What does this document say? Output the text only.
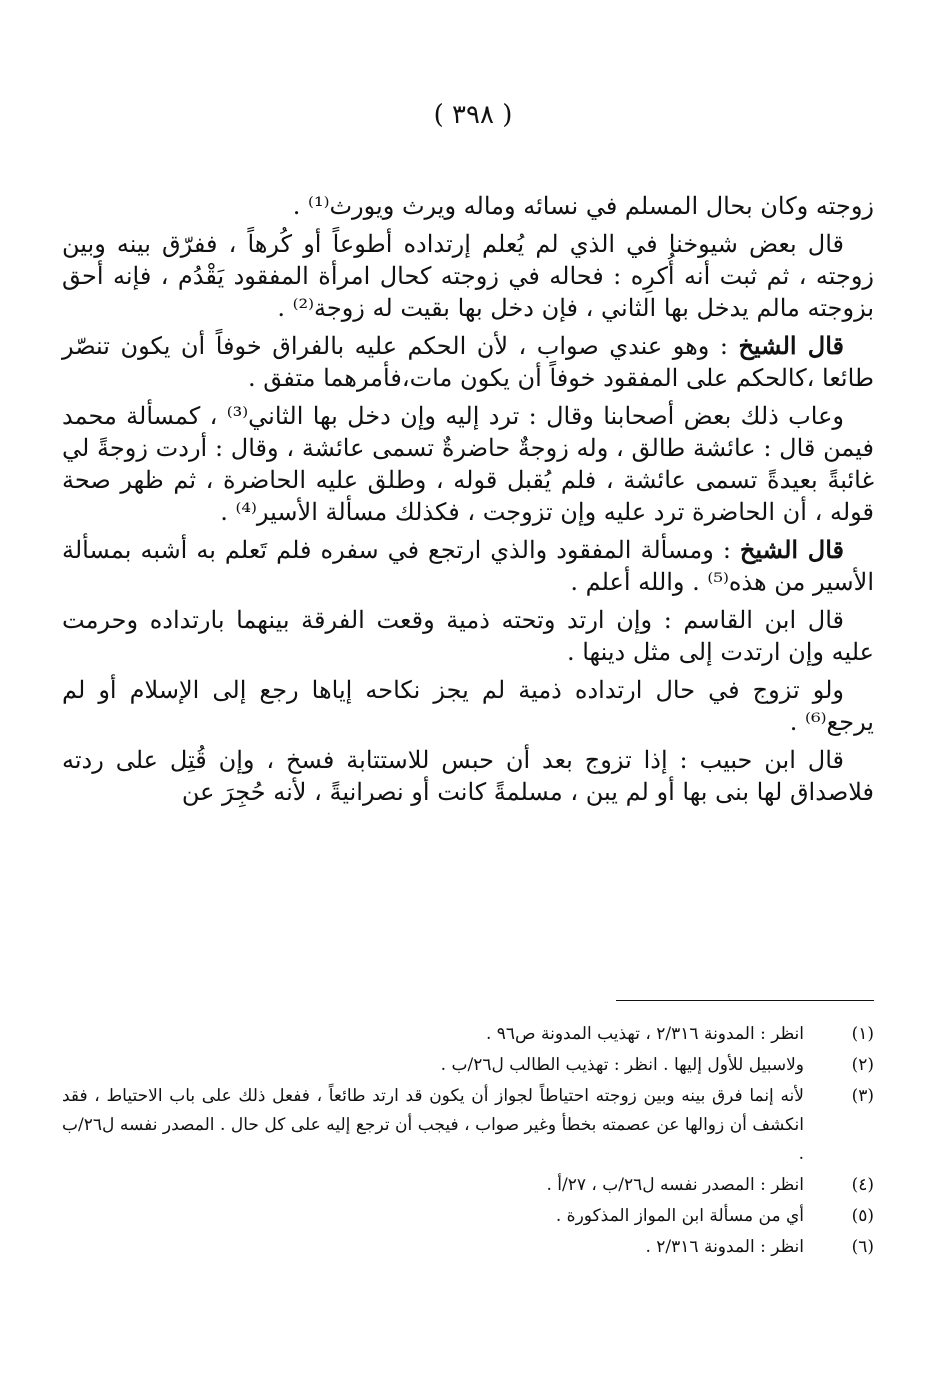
( ٣٩٨ )

زوجته وكان بحال المسلم في نسائه وماله ويرث ويورث⁽¹⁾ .

قال بعض شيوخنا في الذي لم يُعلم إرتداده أطوعاً أو كُرهاً ، ففرّق بينه وبين زوجته ، ثم ثبت أنه أُكرِه : فحاله في زوجته كحال امرأة المفقود يَقْدُم ، فإنه أحق بزوجته مالم يدخل بها الثاني ، فإن دخل بها بقيت له زوجة⁽²⁾ .

قال الشيخ : وهو عندي صواب ، لأن الحكم عليه بالفراق خوفاً أن يكون تنصّر طائعا ،كالحكم على المفقود خوفاً أن يكون مات،فأمرهما متفق .

وعاب ذلك بعض أصحابنا وقال : ترد إليه وإن دخل بها الثاني⁽³⁾ ، كمسألة محمد فيمن قال : عائشة طالق ، وله زوجةٌ حاضرةٌ تسمى عائشة ، وقال : أردت زوجةً لي غائبةً بعيدةً تسمى عائشة ، فلم يُقبل قوله ، وطلق عليه الحاضرة ، ثم ظهر صحة قوله ، أن الحاضرة ترد عليه وإن تزوجت ، فكذلك مسألة الأسير⁽⁴⁾ .

قال الشيخ : ومسألة المفقود والذي ارتجع في سفره فلم تَعلم به أشبه بمسألة الأسير من هذه⁽⁵⁾ . والله أعلم .

قال ابن القاسم : وإن ارتد وتحته ذمية وقعت الفرقة بينهما بارتداده وحرمت عليه وإن ارتدت إلى مثل دينها .

ولو تزوج في حال ارتداده ذمية لم يجز نكاحه إياها رجع إلى الإسلام أو لم يرجع⁽⁶⁾ .

قال ابن حبيب : إذا تزوج بعد أن حبس للاستتابة فسخ ، وإن قُتِل على ردته فلاصداق لها بنى بها أو لم يبن ، مسلمةً كانت أو نصرانيةً ، لأنه حُجِرَ عن

(١)
انظر : المدونة ٢/٣١٦ ، تهذيب المدونة ص٩٦ .
(٢)
ولاسبيل للأول إليها . انظر : تهذيب الطالب ل٢٦/ب .
(٣)
لأنه إنما فرق بينه وبين زوجته احتياطاً لجواز أن يكون قد ارتد طائعاً ، ففعل ذلك على باب الاحتياط ، فقد انكشف أن زوالها عن عصمته بخطأ وغير صواب ، فيجب أن ترجع إليه على كل حال . المصدر نفسه ل٢٦/ب .
(٤)
انظر : المصدر نفسه ل٢٦/ب ، ٢٧/أ .
(٥)
أي من مسألة ابن المواز المذكورة .
(٦)
انظر : المدونة ٢/٣١٦ .
